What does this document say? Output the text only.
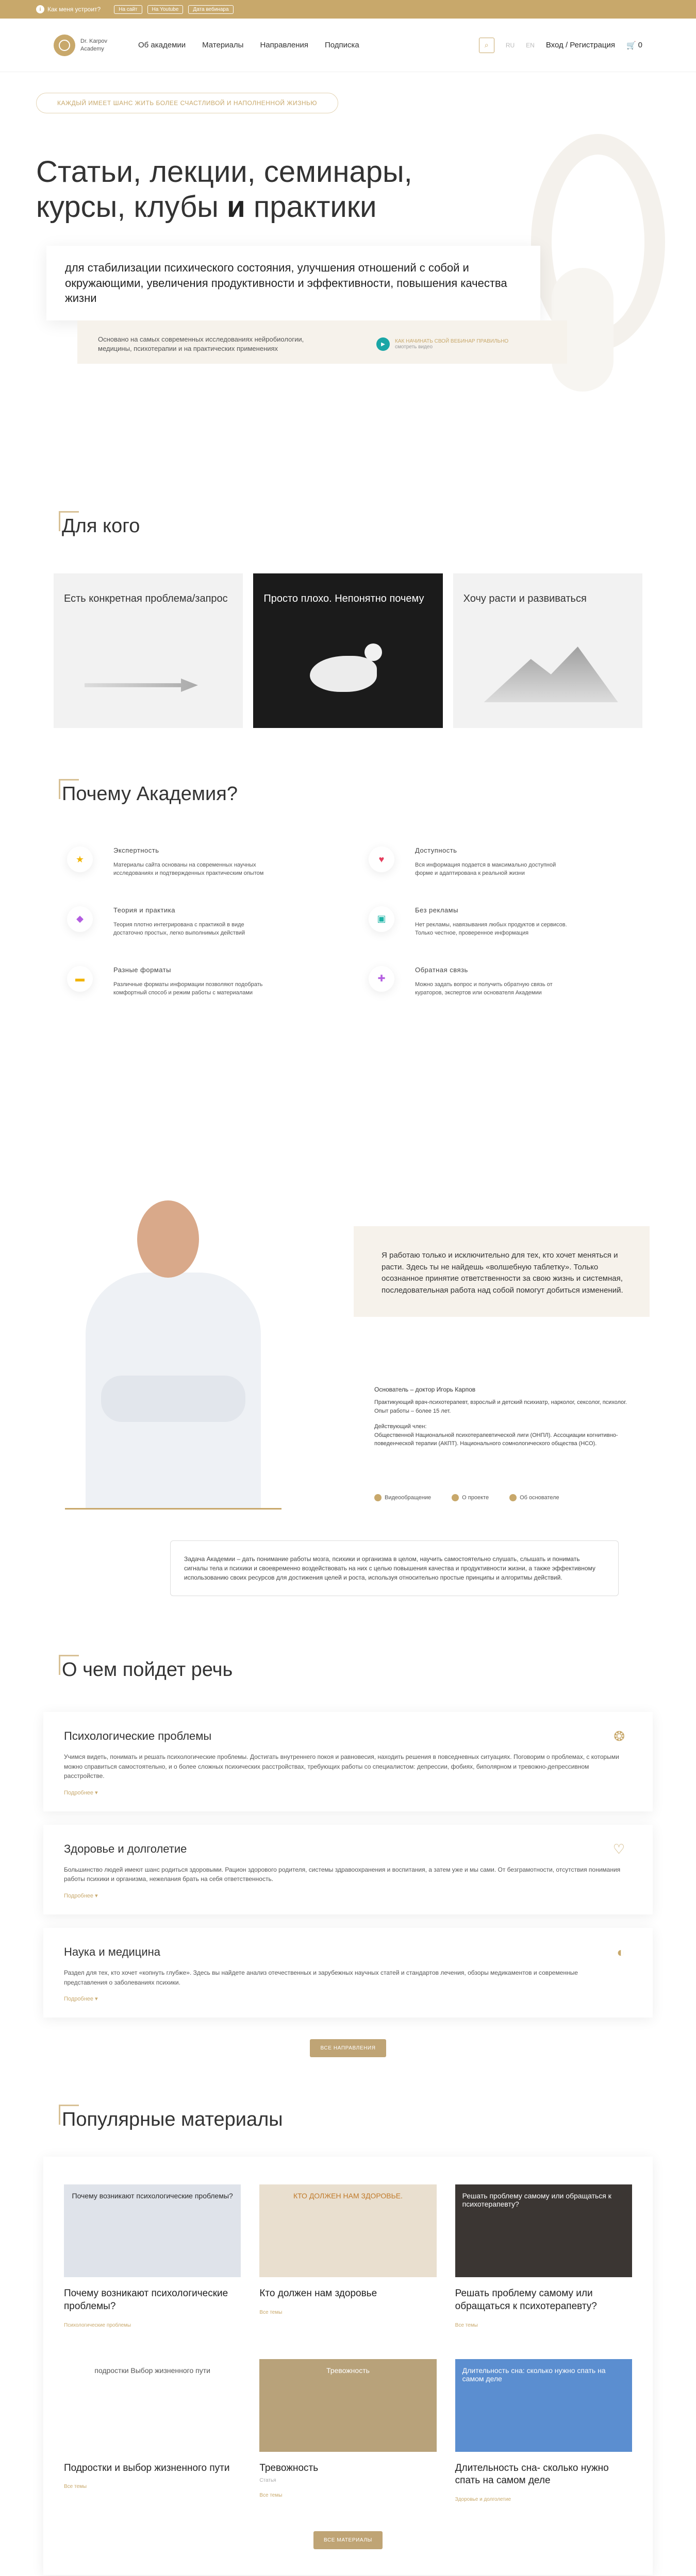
i	Как меня устроит?	На сайт	На Youtube	Дата вебинара
Dr. Karpov
Academy	Об академии Материалы Направления Подписка	⌕	RU EN Вход / Регистрация 🛒 0
КАЖДЫЙ ИМЕЕТ ШАНС ЖИТЬ БОЛЕЕ СЧАСТЛИВОЙ И НАПОЛНЕННОЙ ЖИЗНЬЮ
Статьи, лекции, семинары, курсы, клубы и практики
для стабилизации психического состояния, улучшения отношений с собой и окружающими, увеличения продуктивности и эффективности, повышения качества жизни
Основано на самых современных исследованиях нейробиологии, медицины, психотерапии и на практических применениях
▶	КАК НАЧИНАТЬ СВОЙ ВЕБИНАР ПРАВИЛЬНО
смотреть видео
Для кого
Есть конкретная проблема/запрос	Просто плохо. Непонятно почему	Хочу расти и развиваться
Почему Академия?
★
Экспертность

Материалы сайта основаны на современных научных исследованиях и подтвержденных практическим опытом

♥
Доступность

Вся информация подается в максимально доступной форме и адаптирована к реальной жизни

◆
Теория и практика

Теория плотно интегрирована с практикой в виде достаточно простых, легко выполнимых действий

▣
Без рекламы

Нет рекламы, навязывания любых продуктов и сервисов. Только честное, проверенное информация

▬
Разные форматы

Различные форматы информации позволяют подобрать комфортный способ и режим работы с материалами

✚
Обратная связь

Можно задать вопрос и получить обратную связь от кураторов, экспертов или основателя Академии

Я работаю только и исключительно для тех, кто хочет меняться и расти. Здесь ты не найдешь «волшебную таблетку». Только осознанное принятие ответственности за свою жизнь и системная, последовательная работа над собой помогут добиться изменений.
Основатель – доктор Игорь Карпов
Практикующий врач-психотерапевт, взрослый и детский психиатр, нарколог, сексолог, психолог. Опыт работы – более 15 лет.
Действующий член:
Общественной Национальной психотерапевтической лиги (ОНПЛ). Ассоциации когнитивно-поведенческой терапии (АКПТ). Национального сомнологического общества (НСО).
Видеообращение	О проекте	Об основателе
Задача Академии – дать понимание работы мозга, психики и организма в целом, научить самостоятельно слушать, слышать и понимать сигналы тела и психики и своевременно воздействовать на них с целью повышения качества и продуктивности жизни, а также эффективному использованию своих ресурсов для достижения целей и роста, используя относительно простые принципы и алгоритмы действий.
О чем пойдет речь
❂
Психологические проблемы

Учимся видеть, понимать и решать психологические проблемы. Достигать внутреннего покоя и равновесия, находить решения в повседневных ситуациях. Поговорим о проблемах, с которыми можно справиться самостоятельно, и о более сложных психических расстройствах, требующих работы со специалистом: депрессии, фобиях, биполярном и тревожно-депрессивном расстройстве.

Подробнее ▾
♡
Здоровье и долголетие

Большинство людей имеют шанс родиться здоровыми. Рацион здорового родителя, системы здравоохранения и воспитания, а затем уже и мы сами. От безграмотности, отсутствия понимания работы психики и организма, нежелания брать на себя ответственность.

Подробнее ▾
◐
Наука и медицина

Раздел для тех, кто хочет «копнуть глубже». Здесь вы найдете анализ отечественных и зарубежных научных статей и стандартов лечения, обзоры медикаментов и современные представления о заболеваниях психики.

Подробнее ▾
ВСЕ НАПРАВЛЕНИЯ
Популярные материалы
Почему возникают психологические проблемы?
Почему возникают психологические проблемы?
Психологические проблемы
КТО ДОЛЖЕН НАМ ЗДОРОВЬЕ.
Кто должен нам здоровье
Все темы
Решать проблему самому или обращаться к психотерапевту?
Решать проблему самому или обращаться к психотерапевту?
Все темы
подростки Выбор жизненного пути
Подростки и выбор жизненного пути
Все темы
Тревожность
Тревожность
Статья
Все темы
Длительность сна: сколько нужно спать на самом деле
Длительность сна- сколько нужно спать на самом деле
Здоровье и долголетие
ВСЕ МАТЕРИАЛЫ
